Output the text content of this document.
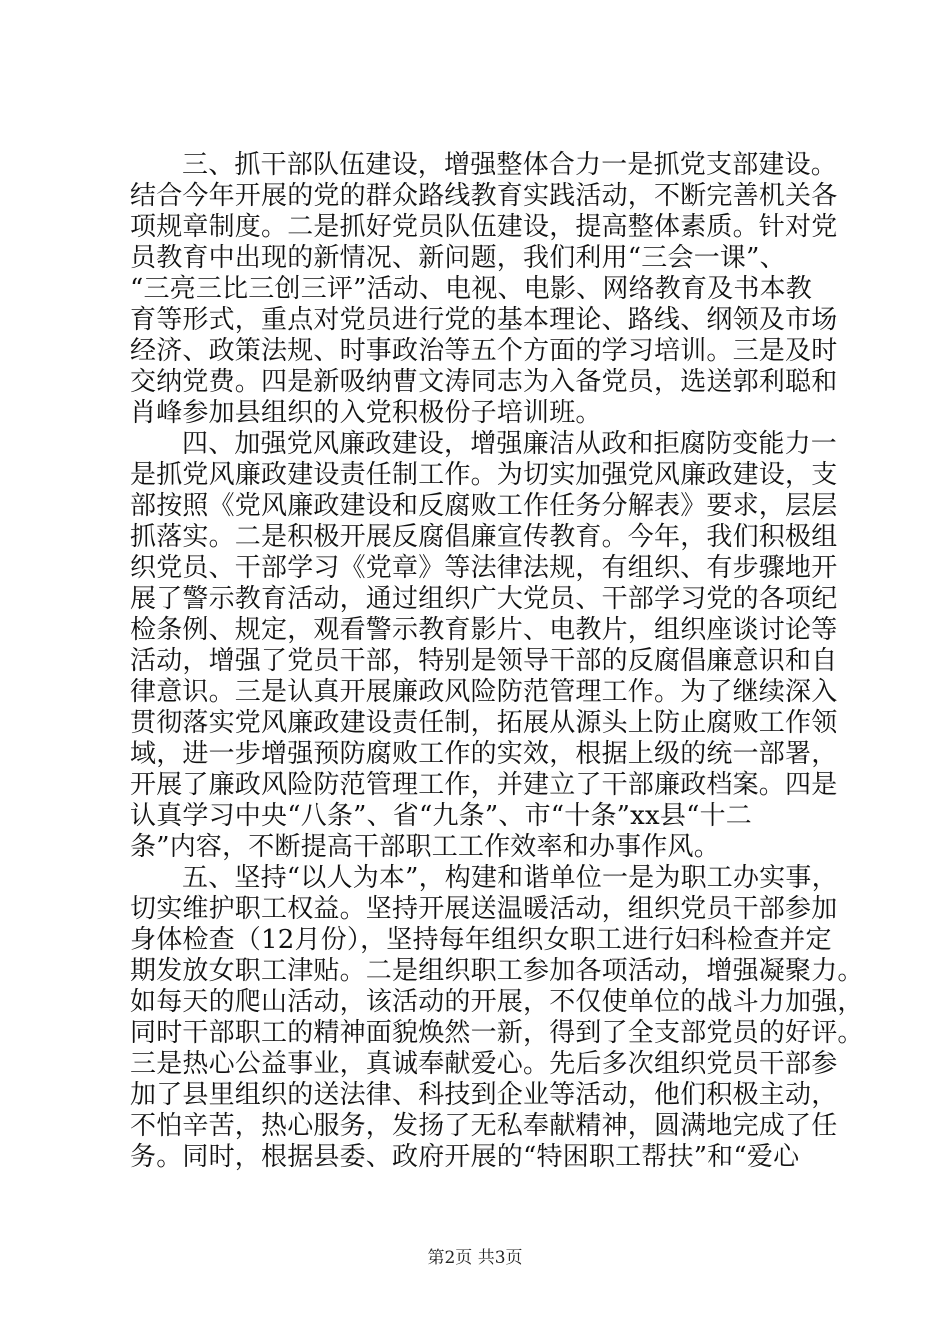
三、抓干部队伍建设，增强整体合力一是抓党支部建设。
结合今年开展的党的群众路线教育实践活动，不断完善机关各
项规章制度。二是抓好党员队伍建设，提高整体素质。针对党
员教育中出现的新情况、新问题，我们利用“三会一课”、
“三亮三比三创三评”活动、电视、电影、网络教育及书本教
育等形式，重点对党员进行党的基本理论、路线、纲领及市场
经济、政策法规、时事政治等五个方面的学习培训。三是及时
交纳党费。四是新吸纳曹文涛同志为入备党员，选送郭利聪和
肖峰参加县组织的入党积极份子培训班。
四、加强党风廉政建设，增强廉洁从政和拒腐防变能力一
是抓党风廉政建设责任制工作。为切实加强党风廉政建设，支
部按照《党风廉政建设和反腐败工作任务分解表》要求，层层
抓落实。二是积极开展反腐倡廉宣传教育。今年，我们积极组
织党员、干部学习《党章》等法律法规，有组织、有步骤地开
展了警示教育活动，通过组织广大党员、干部学习党的各项纪
检条例、规定，观看警示教育影片、电教片，组织座谈讨论等
活动，增强了党员干部，特别是领导干部的反腐倡廉意识和自
律意识。三是认真开展廉政风险防范管理工作。为了继续深入
贯彻落实党风廉政建设责任制，拓展从源头上防止腐败工作领
域，进一步增强预防腐败工作的实效，根据上级的统一部署，
开展了廉政风险防范管理工作，并建立了干部廉政档案。四是
认真学习中央“八条”、省“九条”、市“十条”xx县“十二
条”内容，不断提高干部职工工作效率和办事作风。
五、坚持“以人为本”，构建和谐单位一是为职工办实事，
切实维护职工权益。坚持开展送温暖活动，组织党员干部参加
身体检查（12月份），坚持每年组织女职工进行妇科检查并定
期发放女职工津贴。二是组织职工参加各项活动，增强凝聚力。
如每天的爬山活动，该活动的开展，不仅使单位的战斗力加强，
同时干部职工的精神面貌焕然一新，得到了全支部党员的好评。
三是热心公益事业，真诚奉献爱心。先后多次组织党员干部参
加了县里组织的送法律、科技到企业等活动，他们积极主动，
不怕辛苦，热心服务，发扬了无私奉献精神，圆满地完成了任
务。同时，根据县委、政府开展的“特困职工帮扶”和“爱心
第2页 共3页
